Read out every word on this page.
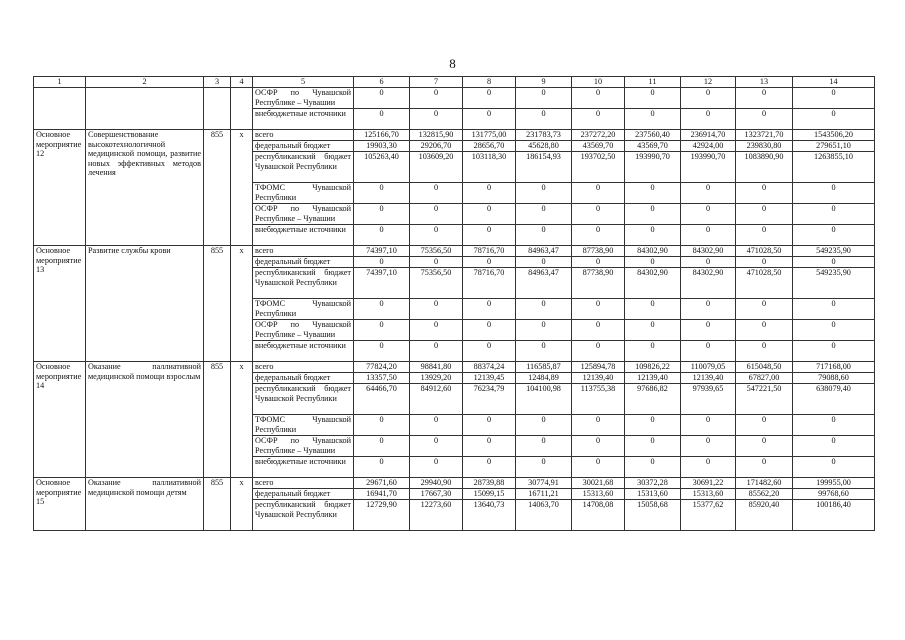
8
1	2	3	4	5	6	7	8	9	10	11	12	13	14
				ОСФР по Чувашской Республике – Чувашии	0	0	0	0	0	0	0	0	0
				внебюджетные источники	0	0	0	0	0	0	0	0	0
Основное мероприятие 12	Совершенствование высокотехнологичной медицинской помощи, развитие новых эффективных методов лечения	855	x	всего	125166,70	132815,90	131775,00	231783,73	237272,20	237560,40	236914,70	1323721,70	1543506,20
				федеральный бюджет	19903,30	29206,70	28656,70	45628,80	43569,70	43569,70	42924,00	239830,80	279651,10
				республиканский бюджет Чувашской Республики	105263,40	103609,20	103118,30	186154,93	193702,50	193990,70	193990,70	1083890,90	1263855,10
				ТФОМС Чувашской Республики	0	0	0	0	0	0	0	0	0
				ОСФР по Чувашской Республике – Чувашии	0	0	0	0	0	0	0	0	0
				внебюджетные источники	0	0	0	0	0	0	0	0	0
Основное мероприятие 13	Развитие службы крови	855	x	всего	74397,10	75356,50	78716,70	84963,47	87738,90	84302,90	84302,90	471028,50	549235,90
				федеральный бюджет	0	0	0	0	0	0	0	0	0
				республиканский бюджет Чувашской Республики	74397,10	75356,50	78716,70	84963,47	87738,90	84302,90	84302,90	471028,50	549235,90
				ТФОМС Чувашской Республики	0	0	0	0	0	0	0	0	0
				ОСФР по Чувашской Республике – Чувашии	0	0	0	0	0	0	0	0	0
				внебюджетные источники	0	0	0	0	0	0	0	0	0
Основное мероприятие 14	Оказание паллиативной медицинской помощи взрослым	855	x	всего	77824,20	98841,80	88374,24	116585,87	125894,78	109826,22	110079,05	615048,50	717168,00
				федеральный бюджет	13357,50	13929,20	12139,45	12484,89	12139,40	12139,40	12139,40	67827,00	79088,60
				республиканский бюджет Чувашской Республики	64466,70	84912,60	76234,79	104100,98	113755,38	97686,82	97939,65	547221,50	638079,40
				ТФОМС Чувашской Республики	0	0	0	0	0	0	0	0	0
				ОСФР по Чувашской Республике – Чувашии	0	0	0	0	0	0	0	0	0
				внебюджетные источники	0	0	0	0	0	0	0	0	0
Основное мероприятие 15	Оказание паллиативной медицинской помощи детям	855	x	всего	29671,60	29940,90	28739,88	30774,91	30021,68	30372,28	30691,22	171482,60	199955,00
				федеральный бюджет	16941,70	17667,30	15099,15	16711,21	15313,60	15313,60	15313,60	85562,20	99768,60
				республиканский бюджет Чувашской Республики	12729,90	12273,60	13640,73	14063,70	14708,08	15058,68	15377,62	85920,40	100186,40
